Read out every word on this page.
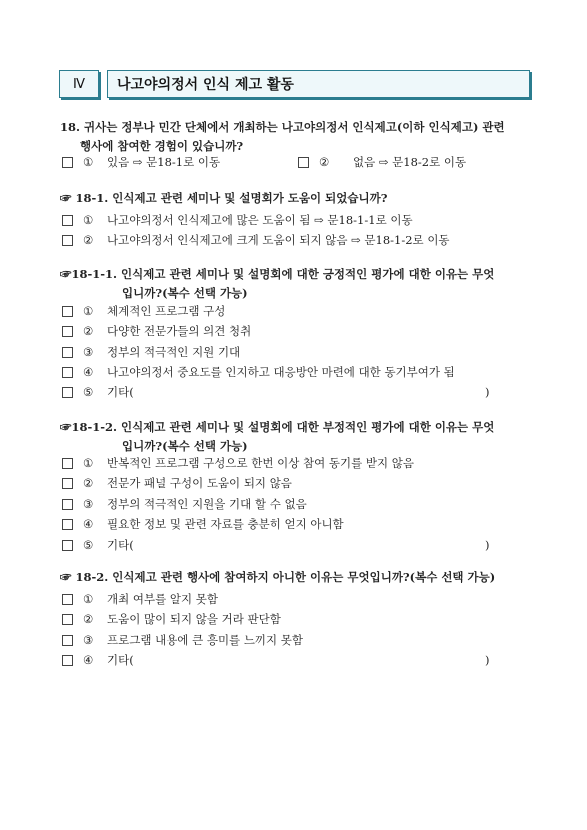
Ⅳ	나고야의정서 인식 제고 활동
18. 귀사는 정부나 민간 단체에서 개최하는 나고야의정서 인식제고(이하 인식제고) 관련
행사에 참여한 경험이 있습니까?
①	있음 ⇨ 문18-1로 이동	②	없음 ⇨ 문18-2로 이동
☞ 18-1. 인식제고 관련 세미나 및 설명회가 도움이 되었습니까?
①	나고야의정서 인식제고에 많은 도움이 됨 ⇨ 문18-1-1로 이동
②	나고야의정서 인식제고에 크게 도움이 되지 않음 ⇨ 문18-1-2로 이동
☞18-1-1. 인식제고 관련 세미나 및 설명회에 대한 긍정적인 평가에 대한 이유는 무엇
입니까?(복수 선택 가능)
①	체계적인 프로그램 구성
②	다양한 전문가들의 의견 청취
③	정부의 적극적인 지원 기대
④	나고야의정서 중요도를 인지하고 대응방안 마련에 대한 동기부여가 됨
⑤	기타(	)
☞18-1-2. 인식제고 관련 세미나 및 설명회에 대한 부정적인 평가에 대한 이유는 무엇
입니까?(복수 선택 가능)
①	반복적인 프로그램 구성으로 한번 이상 참여 동기를 받지 않음
②	전문가 패널 구성이 도움이 되지 않음
③	정부의 적극적인 지원을 기대 할 수 없음
④	필요한 정보 및 관련 자료를 충분히 얻지 아니함
⑤	기타(	)
☞ 18-2. 인식제고 관련 행사에 참여하지 아니한 이유는 무엇입니까?(복수 선택 가능)
①	개최 여부를 알지 못함
②	도움이 많이 되지 않을 거라 판단함
③	프로그램 내용에 큰 흥미를 느끼지 못함
④	기타(	)
